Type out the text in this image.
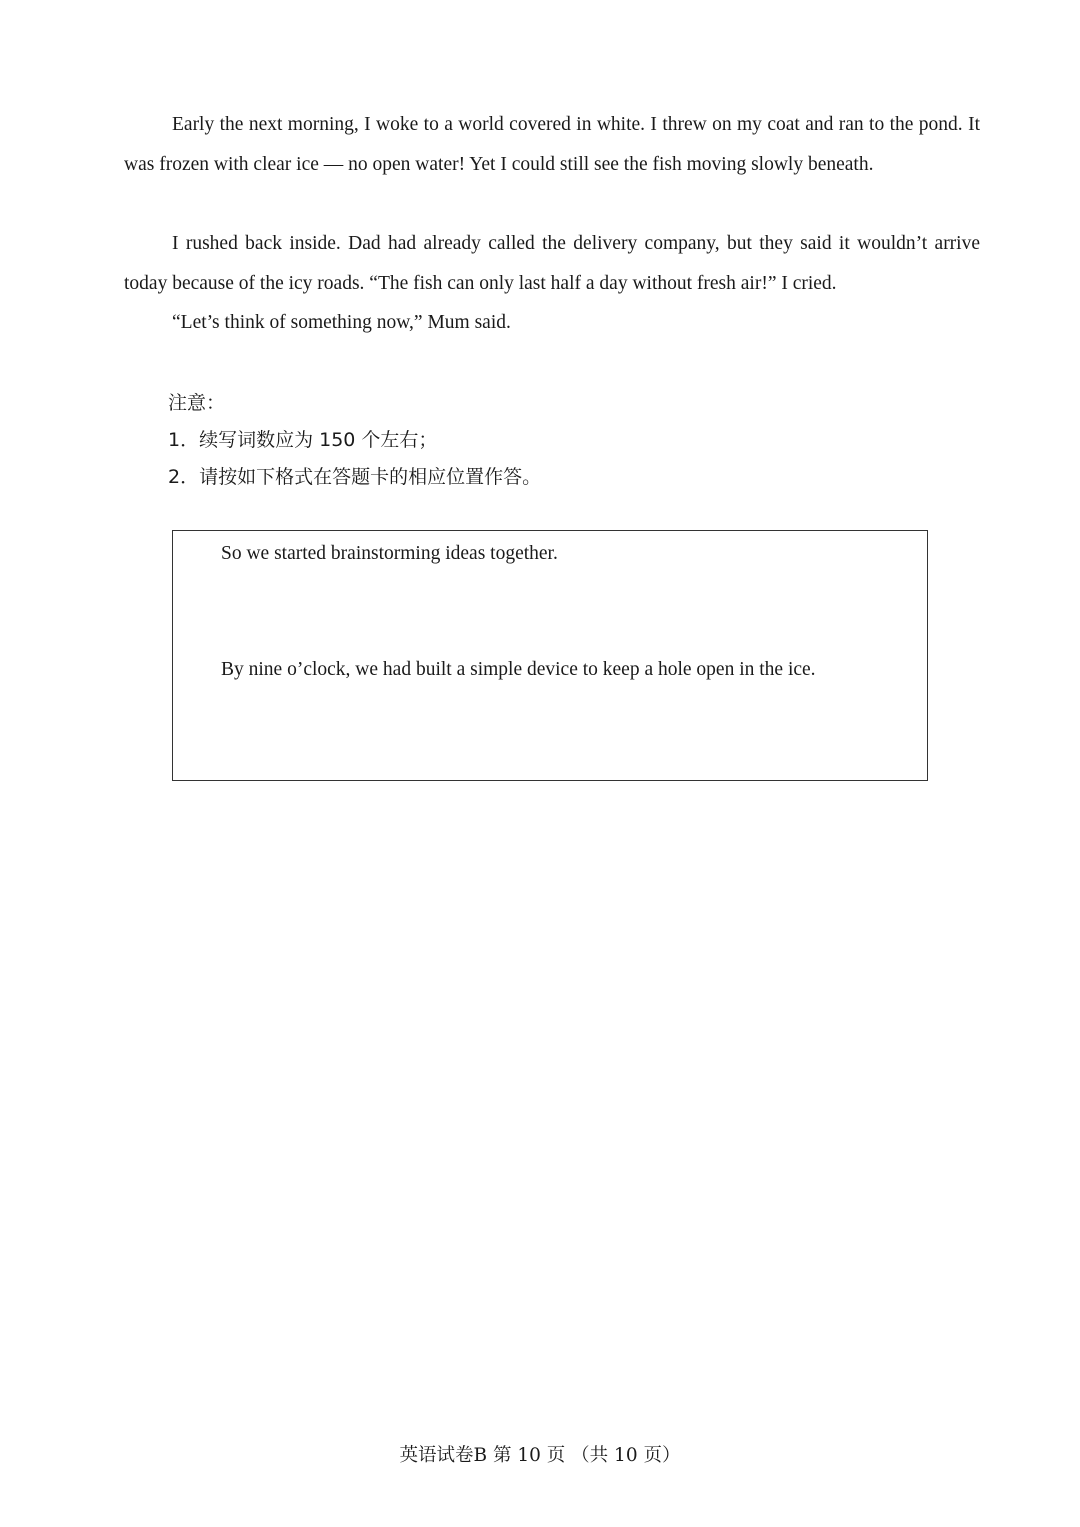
Early the next morning, I woke to a world covered in white. I threw on my coat and ran to the pond. It was frozen with clear ice — no open water! Yet I could still see the fish moving slowly beneath.

I rushed back inside. Dad had already called the delivery company, but they said it wouldn’t arrive today because of the icy roads. “The fish can only last half a day without fresh air!” I cried.

“Let’s think of something now,” Mum said.

注意：

1．续写词数应为 150 个左右；

2．请按如下格式在答题卡的相应位置作答。

So we started brainstorming ideas together.

By nine o’clock, we had built a simple device to keep a hole open in the ice.

英语试卷B 第 10 页 （共 10 页）
